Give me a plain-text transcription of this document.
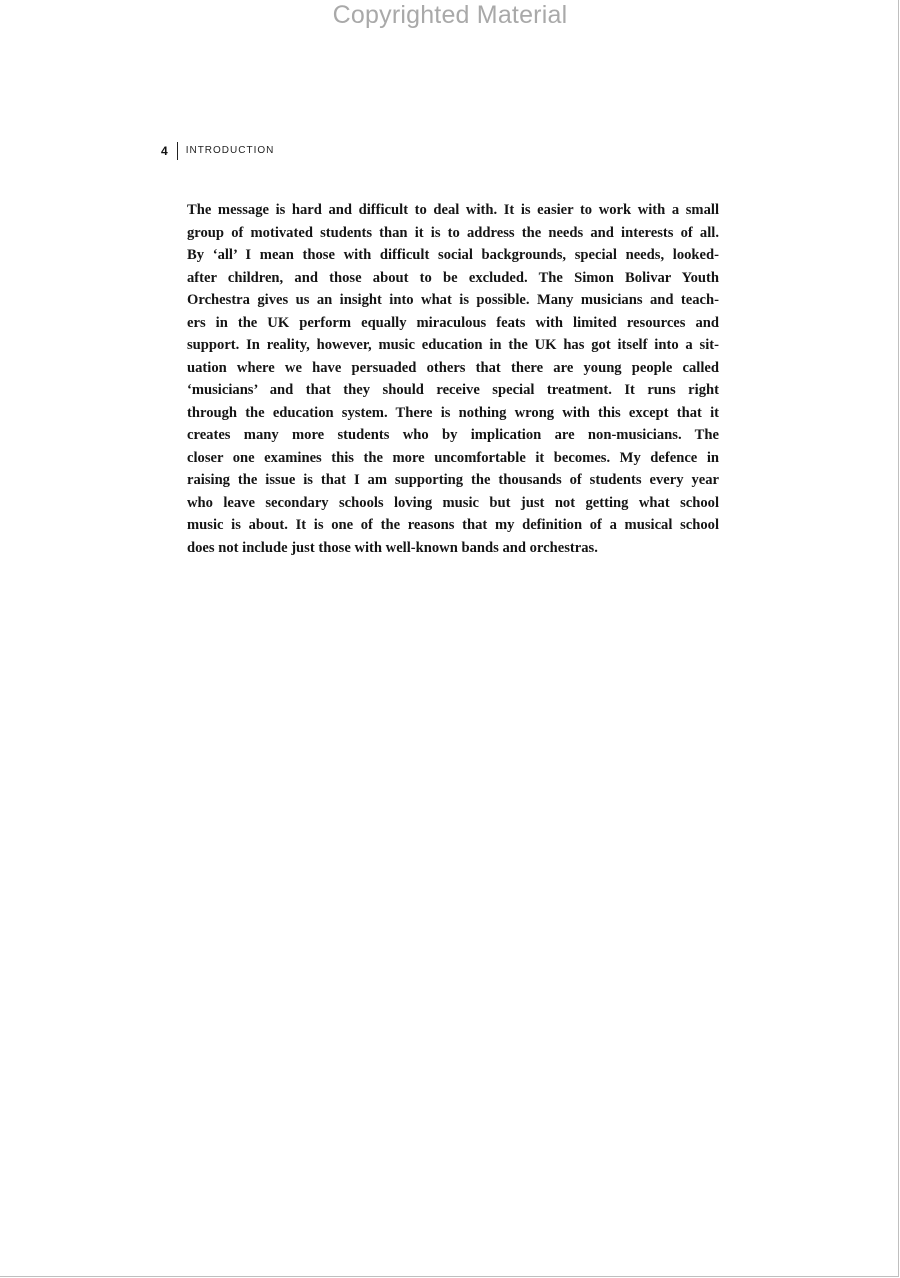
Copyrighted Material
4 INTRODUCTION
The message is hard and difficult to deal with. It is easier to work with a small
group of motivated students than it is to address the needs and interests of all.
By ‘all’ I mean those with difficult social backgrounds, special needs, looked-
after children, and those about to be excluded. The Simon Bolivar Youth
Orchestra gives us an insight into what is possible. Many musicians and teach-
ers in the UK perform equally miraculous feats with limited resources and
support. In reality, however, music education in the UK has got itself into a sit-
uation where we have persuaded others that there are young people called
‘musicians’ and that they should receive special treatment. It runs right
through the education system. There is nothing wrong with this except that it
creates many more students who by implication are non-musicians. The
closer one examines this the more uncomfortable it becomes. My defence in
raising the issue is that I am supporting the thousands of students every year
who leave secondary schools loving music but just not getting what school
music is about. It is one of the reasons that my definition of a musical school
does not include just those with well-known bands and orchestras.
